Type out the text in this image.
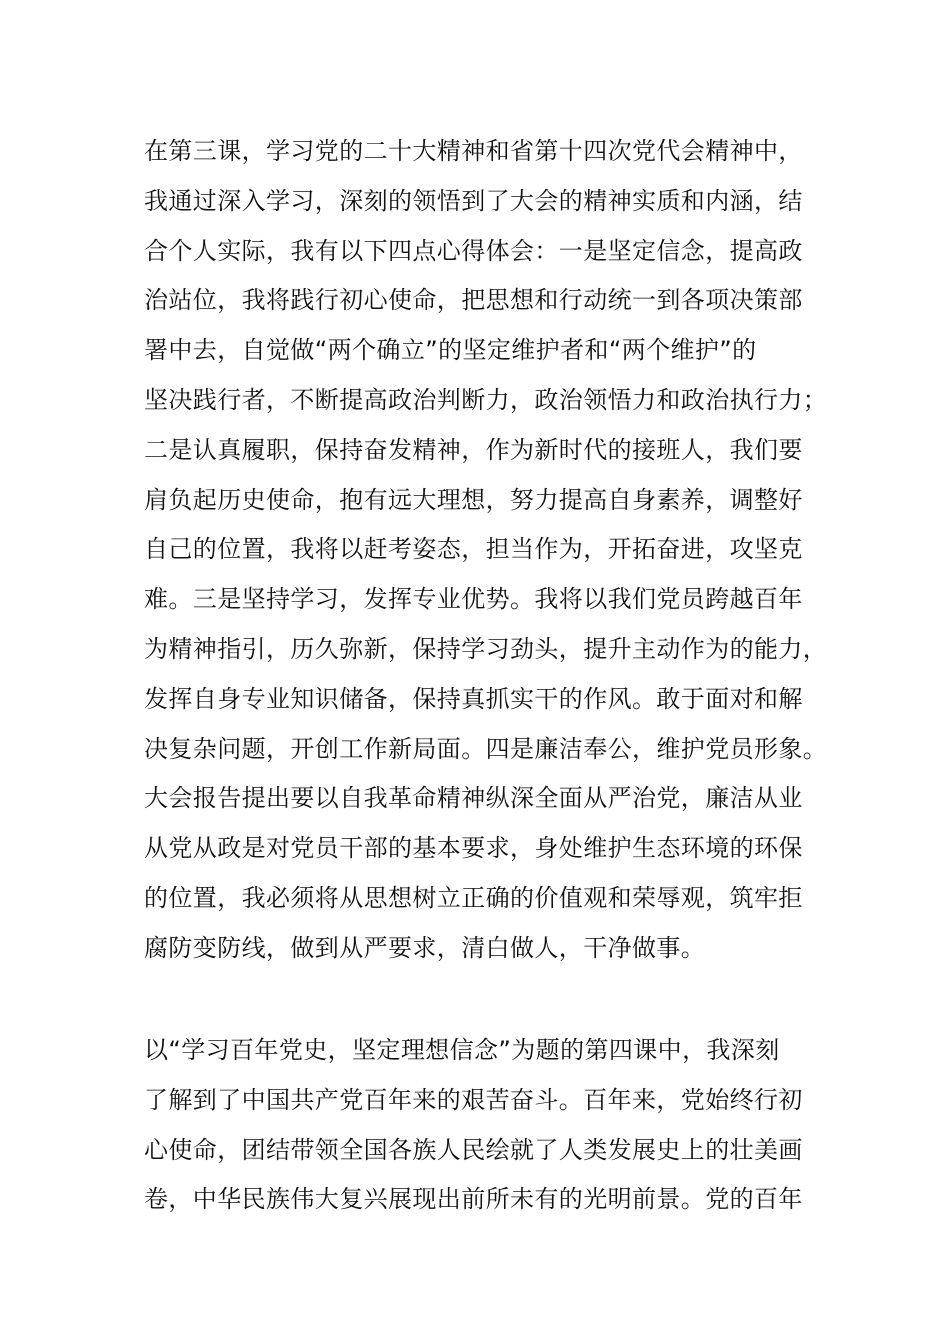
在第三课，学习党的二十大精神和省第十四次党代会精神中，
我通过深入学习，深刻的领悟到了大会的精神实质和内涵，结
合个人实际，我有以下四点心得体会：一是坚定信念，提高政
治站位，我将践行初心使命，把思想和行动统一到各项决策部
署中去，自觉做“两个确立”的坚定维护者和“两个维护”的
坚决践行者，不断提高政治判断力，政治领悟力和政治执行力；
二是认真履职，保持奋发精神，作为新时代的接班人，我们要
肩负起历史使命，抱有远大理想，努力提高自身素养，调整好
自己的位置，我将以赶考姿态，担当作为，开拓奋进，攻坚克
难。三是坚持学习，发挥专业优势。我将以我们党员跨越百年
为精神指引，历久弥新，保持学习劲头，提升主动作为的能力，
发挥自身专业知识储备，保持真抓实干的作风。敢于面对和解
决复杂问题，开创工作新局面。四是廉洁奉公，维护党员形象。
大会报告提出要以自我革命精神纵深全面从严治党，廉洁从业
从党从政是对党员干部的基本要求，身处维护生态环境的环保
的位置，我必须将从思想树立正确的价值观和荣辱观，筑牢拒
腐防变防线，做到从严要求，清白做人，干净做事。
以“学习百年党史，坚定理想信念”为题的第四课中，我深刻
了解到了中国共产党百年来的艰苦奋斗。百年来，党始终行初
心使命，团结带领全国各族人民绘就了人类发展史上的壮美画
卷，中华民族伟大复兴展现出前所未有的光明前景。党的百年
